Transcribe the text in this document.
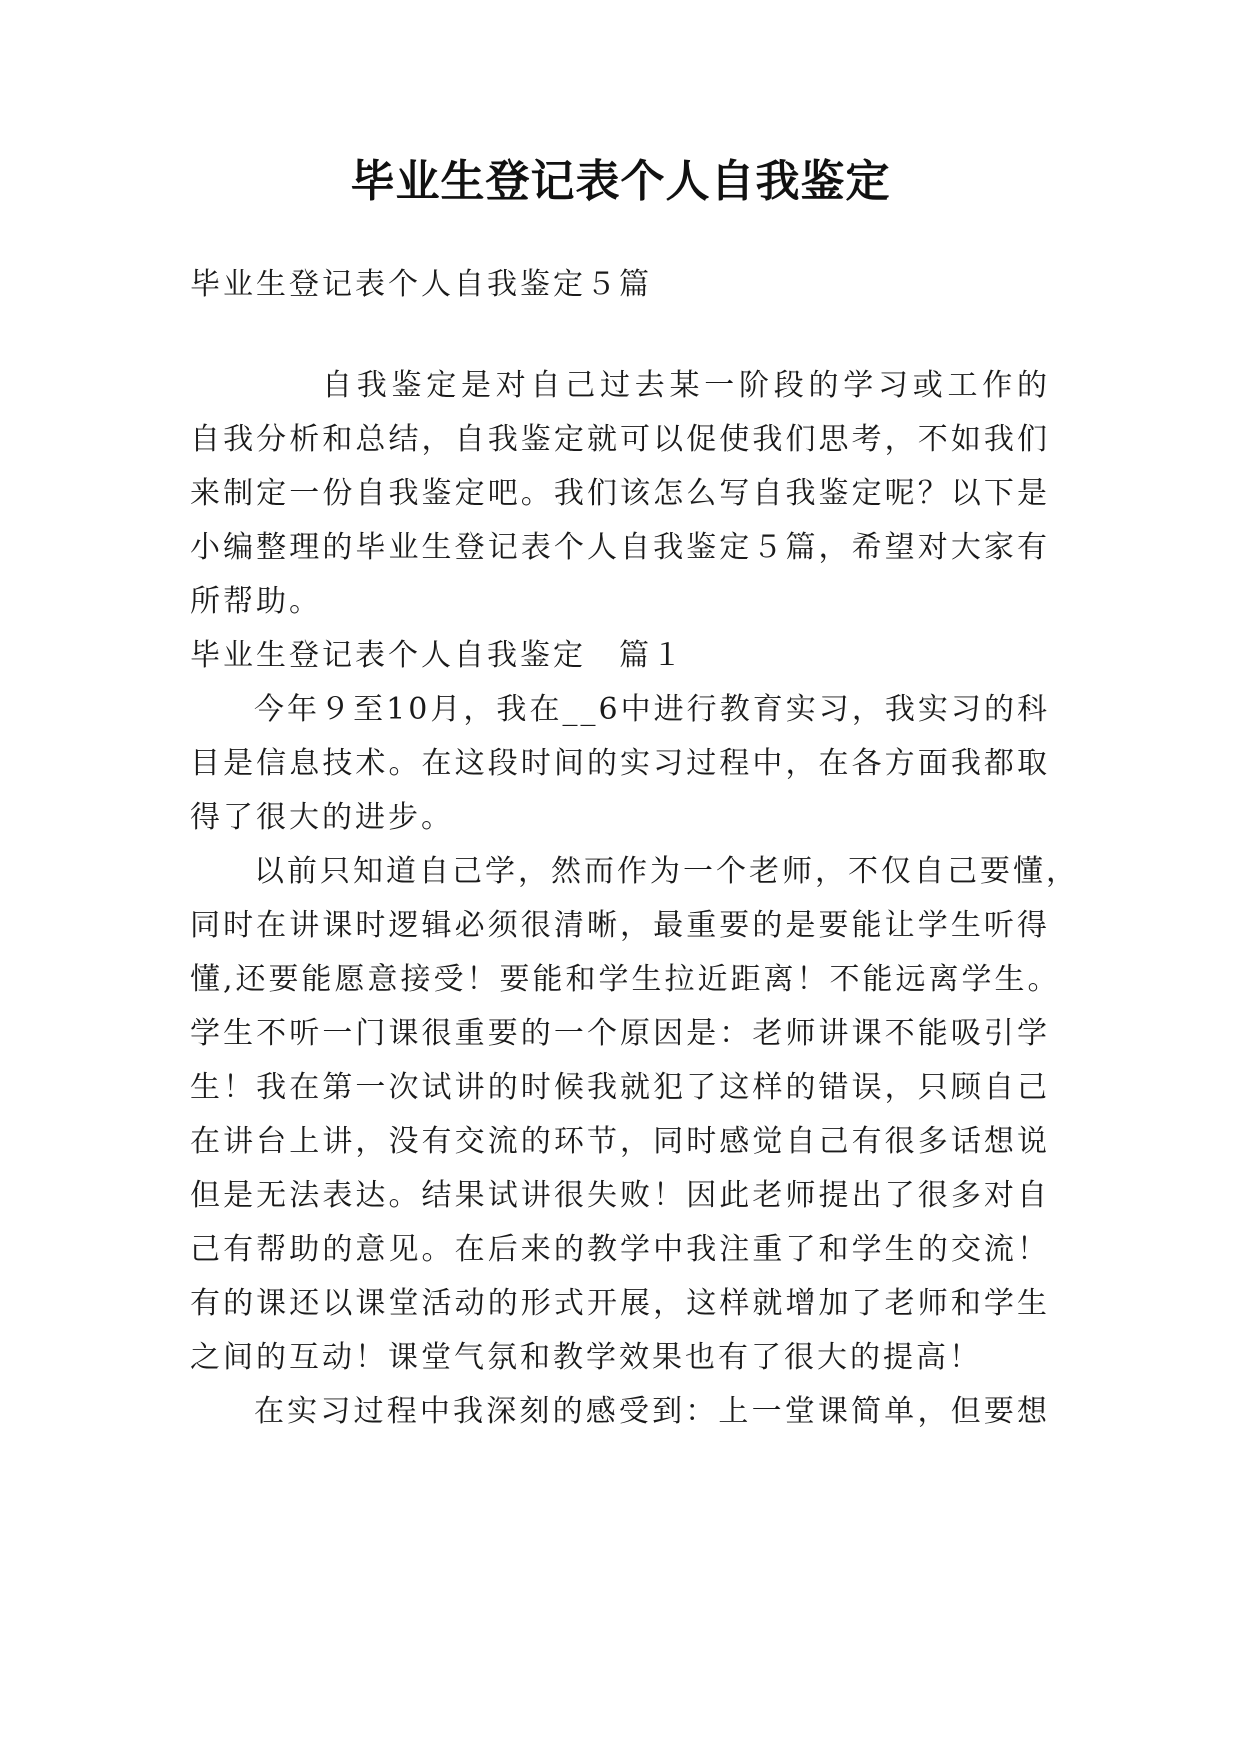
毕业生登记表个人自我鉴定
毕业生登记表个人自我鉴定５篇
自我鉴定是对自己过去某一阶段的学习或工作的
自我分析和总结，自我鉴定就可以促使我们思考，不如我们
来制定一份自我鉴定吧。我们该怎么写自我鉴定呢？以下是
小编整理的毕业生登记表个人自我鉴定５篇，希望对大家有
所帮助。
毕业生登记表个人自我鉴定　篇１
今年９至10月，我在__6中进行教育实习，我实习的科
目是信息技术。在这段时间的实习过程中，在各方面我都取
得了很大的进步。
以前只知道自己学，然而作为一个老师，不仅自己要懂，
同时在讲课时逻辑必须很清晰，最重要的是要能让学生听得
懂,还要能愿意接受！要能和学生拉近距离！不能远离学生。
学生不听一门课很重要的一个原因是：老师讲课不能吸引学
生！我在第一次试讲的时候我就犯了这样的错误，只顾自己
在讲台上讲，没有交流的环节，同时感觉自己有很多话想说
但是无法表达。结果试讲很失败！因此老师提出了很多对自
己有帮助的意见。在后来的教学中我注重了和学生的交流！
有的课还以课堂活动的形式开展，这样就增加了老师和学生
之间的互动！课堂气氛和教学效果也有了很大的提高！
在实习过程中我深刻的感受到：上一堂课简单，但要想
